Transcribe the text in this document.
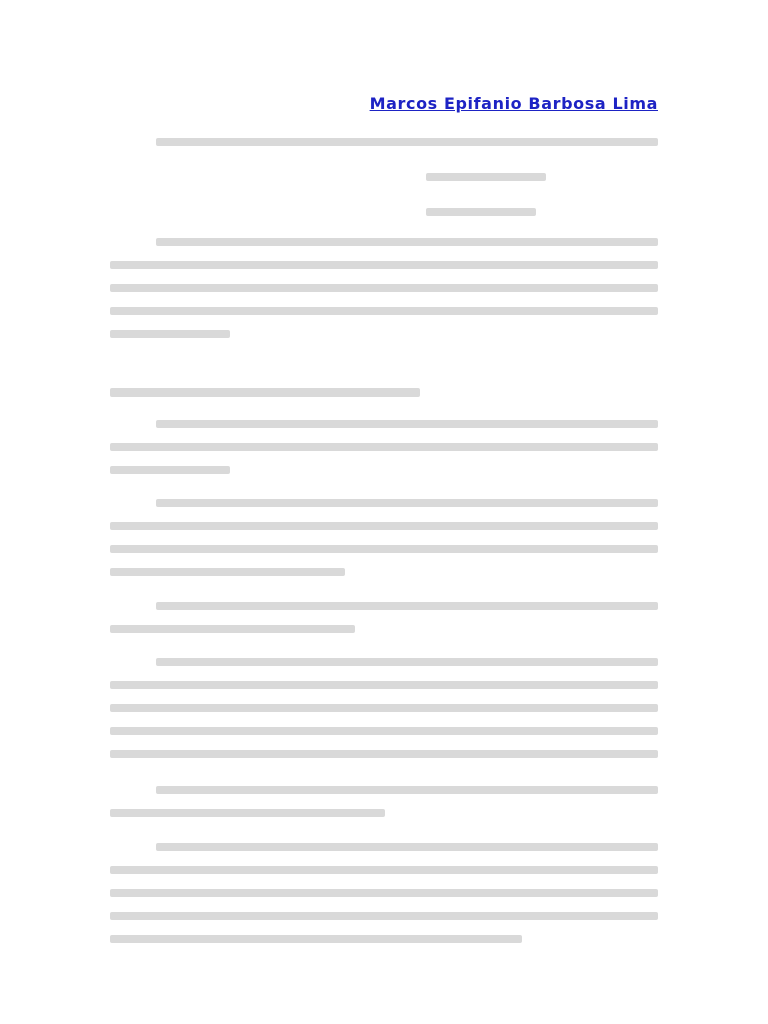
Marcos Epifanio Barbosa Lima
